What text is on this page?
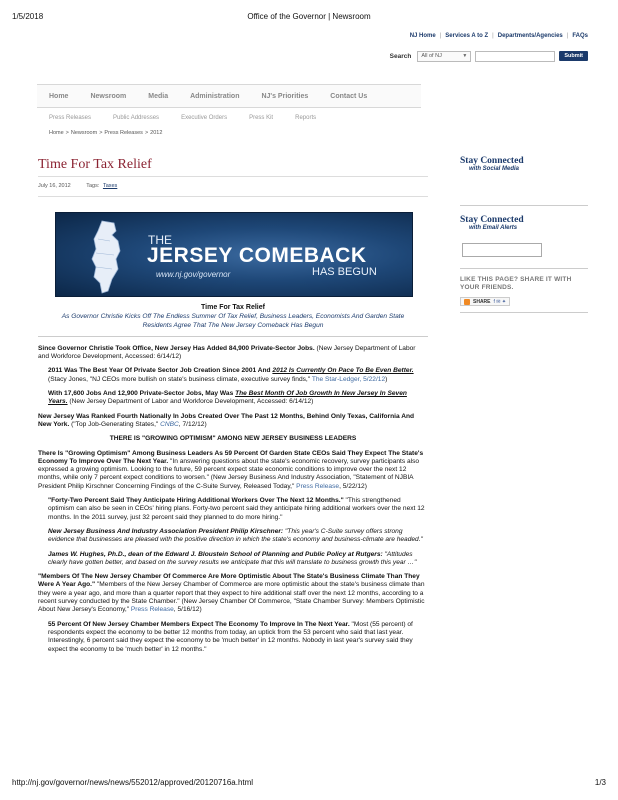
1/5/2018	Office of the Governor | Newsroom
NJ Home | Services A to Z | Departments/Agencies | FAQs
Search	All of NJ	▼	Submit
Home	Newsroom	Media	Administration	NJ's Priorities	Contact Us
Press Releases	Public Addresses	Executive Orders	Press Kit	Reports
Home > Newsroom > Press Releases > 2012
Time For Tax Relief
July 16, 2012	Tags: Taxes
THE
JERSEY COMEBACK
www.nj.gov/governor	HAS BEGUN

Time For Tax Relief

As Governor Christie Kicks Off The Endless Summer Of Tax Relief, Business Leaders, Economists And Garden State Residents Agree That The New Jersey Comeback Has Begun

Since Governor Christie Took Office, New Jersey Has Added 84,900 Private-Sector Jobs. (New Jersey Department of Labor and Workforce Development, Accessed: 6/14/12)

2011 Was The Best Year Of Private Sector Job Creation Since 2001 And 2012 Is Currently On Pace To Be Even Better. (Stacy Jones, "NJ CEOs more bullish on state's business climate, executive survey finds," The Star-Ledger, 5/22/12)

With 17,600 Jobs And 12,900 Private-Sector Jobs, May Was The Best Month Of Job Growth In New Jersey In Seven Years. (New Jersey Department of Labor and Workforce Development, Accessed: 6/14/12)

New Jersey Was Ranked Fourth Nationally In Jobs Created Over The Past 12 Months, Behind Only Texas, California And New York. ("Top Job-Generating States," CNBC, 7/12/12)

THERE IS "GROWING OPTIMISM" AMONG NEW JERSEY BUSINESS LEADERS

There Is "Growing Optimism" Among Business Leaders As 59 Percent Of Garden State CEOs Said They Expect The State's Economy To Improve Over The Next Year. "In answering questions about the state's economic recovery, survey participants also expressed a growing optimism. Looking to the future, 59 percent expect state economic conditions to improve over the next 12 months, while only 7 percent expect conditions to worsen." (New Jersey Business And Industry Association, "Statement of NJBIA President Philip Kirschner Concerning Findings of the C-Suite Survey, Released Today," Press Release, 5/22/12)

"Forty-Two Percent Said They Anticipate Hiring Additional Workers Over The Next 12 Months." "This strengthened optimism can also be seen in CEOs' hiring plans. Forty-two percent said they anticipate hiring additional workers over the next 12 months. In the 2011 survey, just 32 percent said they planned to do more hiring."

New Jersey Business And Industry Association President Philip Kirschner: "This year's C-Suite survey offers strong evidence that businesses are pleased with the positive direction in which the state's economy and business-climate are headed."

James W. Hughes, Ph.D., dean of the Edward J. Bloustein School of Planning and Public Policy at Rutgers: "Attitudes clearly have gotten better, and based on the survey results we anticipate that this will translate to business growth this year …"

"Members Of The New Jersey Chamber Of Commerce Are More Optimistic About The State's Business Climate Than They Were A Year Ago." "Members of the New Jersey Chamber of Commerce are more optimistic about the state's business climate than they were a year ago, and more than a quarter report that they expect to hire additional staff over the next 12 months, according to a recent survey conducted by the State Chamber." (New Jersey Chamber Of Commerce, "State Chamber Survey: Members Optimistic About New Jersey's Economy," Press Release, 5/16/12)

55 Percent Of New Jersey Chamber Members Expect The Economy To Improve In The Next Year. "Most (55 percent) of respondents expect the economy to be better 12 months from today, an uptick from the 53 percent who said that last year. Interestingly, 6 percent said they expect the economy to be 'much better' in 12 months. Nobody in last year's survey said they expect the economy to be 'much better' in 12 months."

Stay Connected
with Social Media
Stay Connected
with Email Alerts
LIKE THIS PAGE? SHARE IT WITH YOUR FRIENDS.
SHARE f ✉ ✦
http://nj.gov/governor/news/news/552012/approved/20120716a.html	1/3
